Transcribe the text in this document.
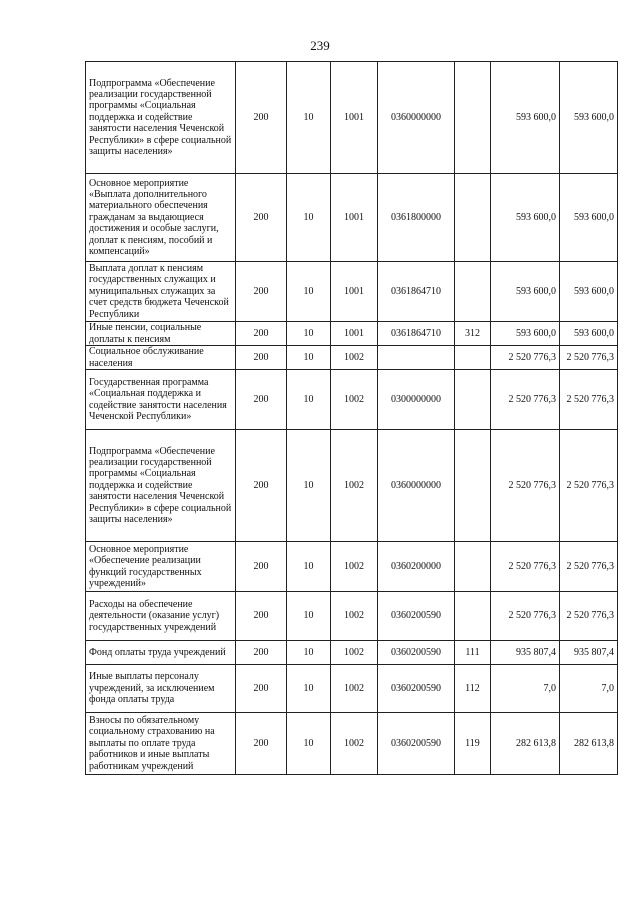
239
Подпрограмма «Обеспечение реализации государственной программы «Социальная поддержка и содействие занятости населения Чеченской Республики» в сфере социальной защиты населения»	200	10	1001	0360000000		593 600,0	593 600,0
Основное мероприятие «Выплата дополнительного материального обеспечения гражданам за выдающиеся достижения и особые заслуги, доплат к пенсиям, пособий и компенсаций»	200	10	1001	0361800000		593 600,0	593 600,0
Выплата доплат к пенсиям государственных служащих и муниципальных служащих за счет средств бюджета Чеченской Республики	200	10	1001	0361864710		593 600,0	593 600,0
Иные пенсии, социальные доплаты к пенсиям	200	10	1001	0361864710	312	593 600,0	593 600,0
Социальное обслуживание населения	200	10	1002			2 520 776,3	2 520 776,3
Государственная программа «Социальная поддержка и содействие занятости населения Чеченской Республики»	200	10	1002	0300000000		2 520 776,3	2 520 776,3
Подпрограмма «Обеспечение реализации государственной программы «Социальная поддержка и содействие занятости населения Чеченской Республики» в сфере социальной защиты населения»	200	10	1002	0360000000		2 520 776,3	2 520 776,3
Основное мероприятие «Обеспечение реализации функций государственных учреждений»	200	10	1002	0360200000		2 520 776,3	2 520 776,3
Расходы на обеспечение деятельности (оказание услуг) государственных учреждений	200	10	1002	0360200590		2 520 776,3	2 520 776,3
Фонд оплаты труда учреждений	200	10	1002	0360200590	111	935 807,4	935 807,4
Иные выплаты персоналу учреждений, за исключением фонда оплаты труда	200	10	1002	0360200590	112	7,0	7,0
Взносы по обязательному социальному страхованию на выплаты по оплате труда работников и иные выплаты работникам учреждений	200	10	1002	0360200590	119	282 613,8	282 613,8
